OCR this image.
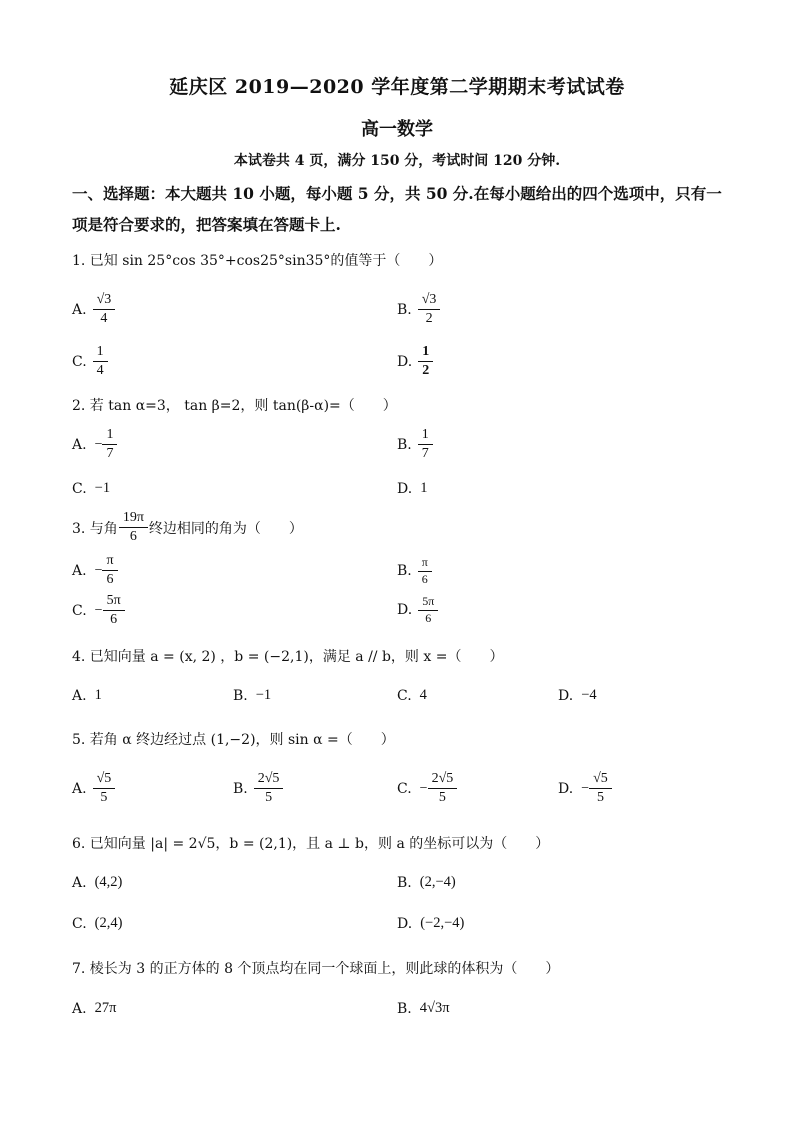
延庆区 2019—2020 学年度第二学期期末考试试卷
高一数学
本试卷共 4 页，满分 150 分，考试时间 120 分钟.
一、选择题：本大题共 10 小题，每小题 5 分，共 50 分.在每小题给出的四个选项中，只有一
项是符合要求的，把答案填在答题卡上.
1. 已知 sin 25°cos 35°+cos25°sin35°的值等于（　　）
A. $\frac{√3}{4}$	B. $\frac{√3}{2}$
C. $\frac{1}{4}$	D. $\frac{1}{2}$
2. 若 tan α=3， tan β=2，则 tan(β-α)=（　　）
A. − $\frac{1}{7}$	B. $\frac{1}{7}$
C. −1	D. 1
3. 与角 $\frac{19\pi}{6}$ 终边相同的角为（　　）
A. − $\frac{\pi}{6}$	B. $\frac{\pi}{6}$
C. − $\frac{5\pi}{6}$	D. $\frac{5\pi}{6}$
4. 已知向量 a = (x, 2) ，b = (−2,1)，满足 a // b，则 x =（　　）
A. 1	B. −1	C. 4	D. −4
5. 若角 α 终边经过点 (1,−2)，则 sin α =（　　）
A. $\frac{√5}{5}$	B. $\frac{2√5}{5}$	C. − $\frac{2√5}{5}$	D. − $\frac{√5}{5}$
6. 已知向量 |a| = 2√5，b = (2,1)，且 a ⊥ b，则 a 的坐标可以为（　　）
A. (4,2)	B. (2,−4)
C. (2,4)	D. (−2,−4)
7. 棱长为 3 的正方体的 8 个顶点均在同一个球面上，则此球的体积为（　　）
A. 27π	B. 4√3π
